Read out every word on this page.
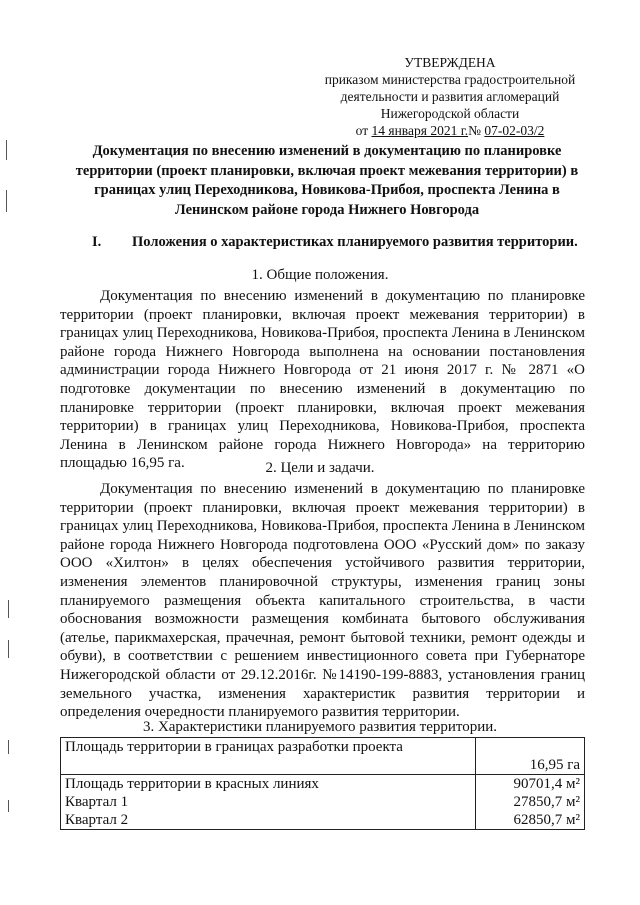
УТВЕРЖДЕНА
приказом министерства градостроительной
деятельности и развития агломераций
Нижегородской области
от 14 января 2021 г.№ 07-02-03/2
Документация по внесению изменений в документацию по планировке территории (проект планировки, включая проект межевания территории) в границах улиц Переходникова, Новикова-Прибоя, проспекта Ленина в Ленинском районе города Нижнего Новгорода
I. Положения о характеристиках планируемого развития территории.
1. Общие положения.
Документация по внесению изменений в документацию по планировке территории (проект планировки, включая проект межевания территории) в границах улиц Переходникова, Новикова-Прибоя, проспекта Ленина в Ленинском районе города Нижнего Новгорода выполнена на основании постановления администрации города Нижнего Новгорода от 21 июня 2017 г. № 2871 «О подготовке документации по внесению изменений в документацию по планировке территории (проект планировки, включая проект межевания территории) в границах улиц Переходникова, Новикова-Прибоя, проспекта Ленина в Ленинском районе города Нижнего Новгорода» на территорию площадью 16,95 га.	2. Цели и задачи.
Документация по внесению изменений в документацию по планировке территории (проект планировки, включая проект межевания территории) в границах улиц Переходникова, Новикова-Прибоя, проспекта Ленина в Ленинском районе города Нижнего Новгорода подготовлена ООО «Русский дом» по заказу ООО «Хилтон» в целях обеспечения устойчивого развития территории, изменения элементов планировочной структуры, изменения границ зоны планируемого размещения объекта капитального строительства, в части обоснования возможности размещения комбината бытового обслуживания (ателье, парикмахерская, прачечная, ремонт бытовой техники, ремонт одежды и обуви), в соответствии с решением инвестиционного совета при Губернаторе Нижегородской области от 29.12.2016г. №14190-199-8883, установления границ земельного участка, изменения характеристик развития территории и определения очередности планируемого развития территории.
3. Характеристики планируемого развития территории.
Площадь территории в границах разработки проекта	16,95 га
Площадь территории в красных линиях	90701,4 м²
Квартал 1	27850,7 м²
Квартал 2	62850,7 м²
